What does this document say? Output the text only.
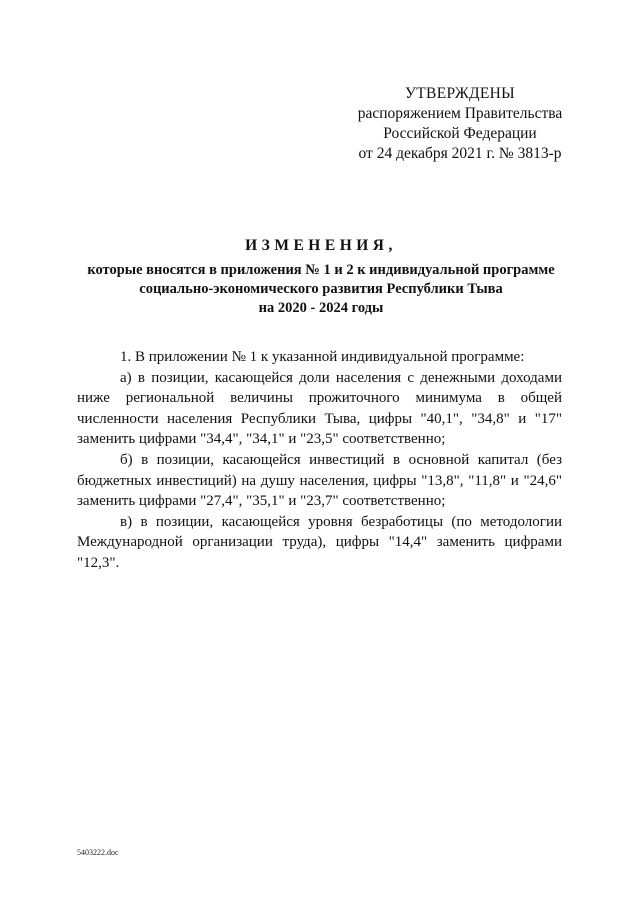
УТВЕРЖДЕНЫ
распоряжением Правительства
Российской Федерации
от 24 декабря 2021 г. № 3813-р
ИЗМЕНЕНИЯ,
которые вносятся в приложения № 1 и 2 к индивидуальной программе
социально-экономического развития Республики Тыва
на 2020 - 2024 годы

1. В приложении № 1 к указанной индивидуальной программе:

а) в позиции, касающейся доли населения с денежными доходами ниже региональной величины прожиточного минимума в общей численности населения Республики Тыва, цифры "40,1", "34,8" и "17" заменить цифрами "34,4", "34,1" и "23,5" соответственно;

б) в позиции, касающейся инвестиций в основной капитал (без бюджетных инвестиций) на душу населения, цифры "13,8", "11,8" и "24,6" заменить цифрами "27,4", "35,1" и "23,7" соответственно;

в) в позиции, касающейся уровня безработицы (по методологии Международной организации труда), цифры "14,4" заменить цифрами "12,3".

5403222.doc
